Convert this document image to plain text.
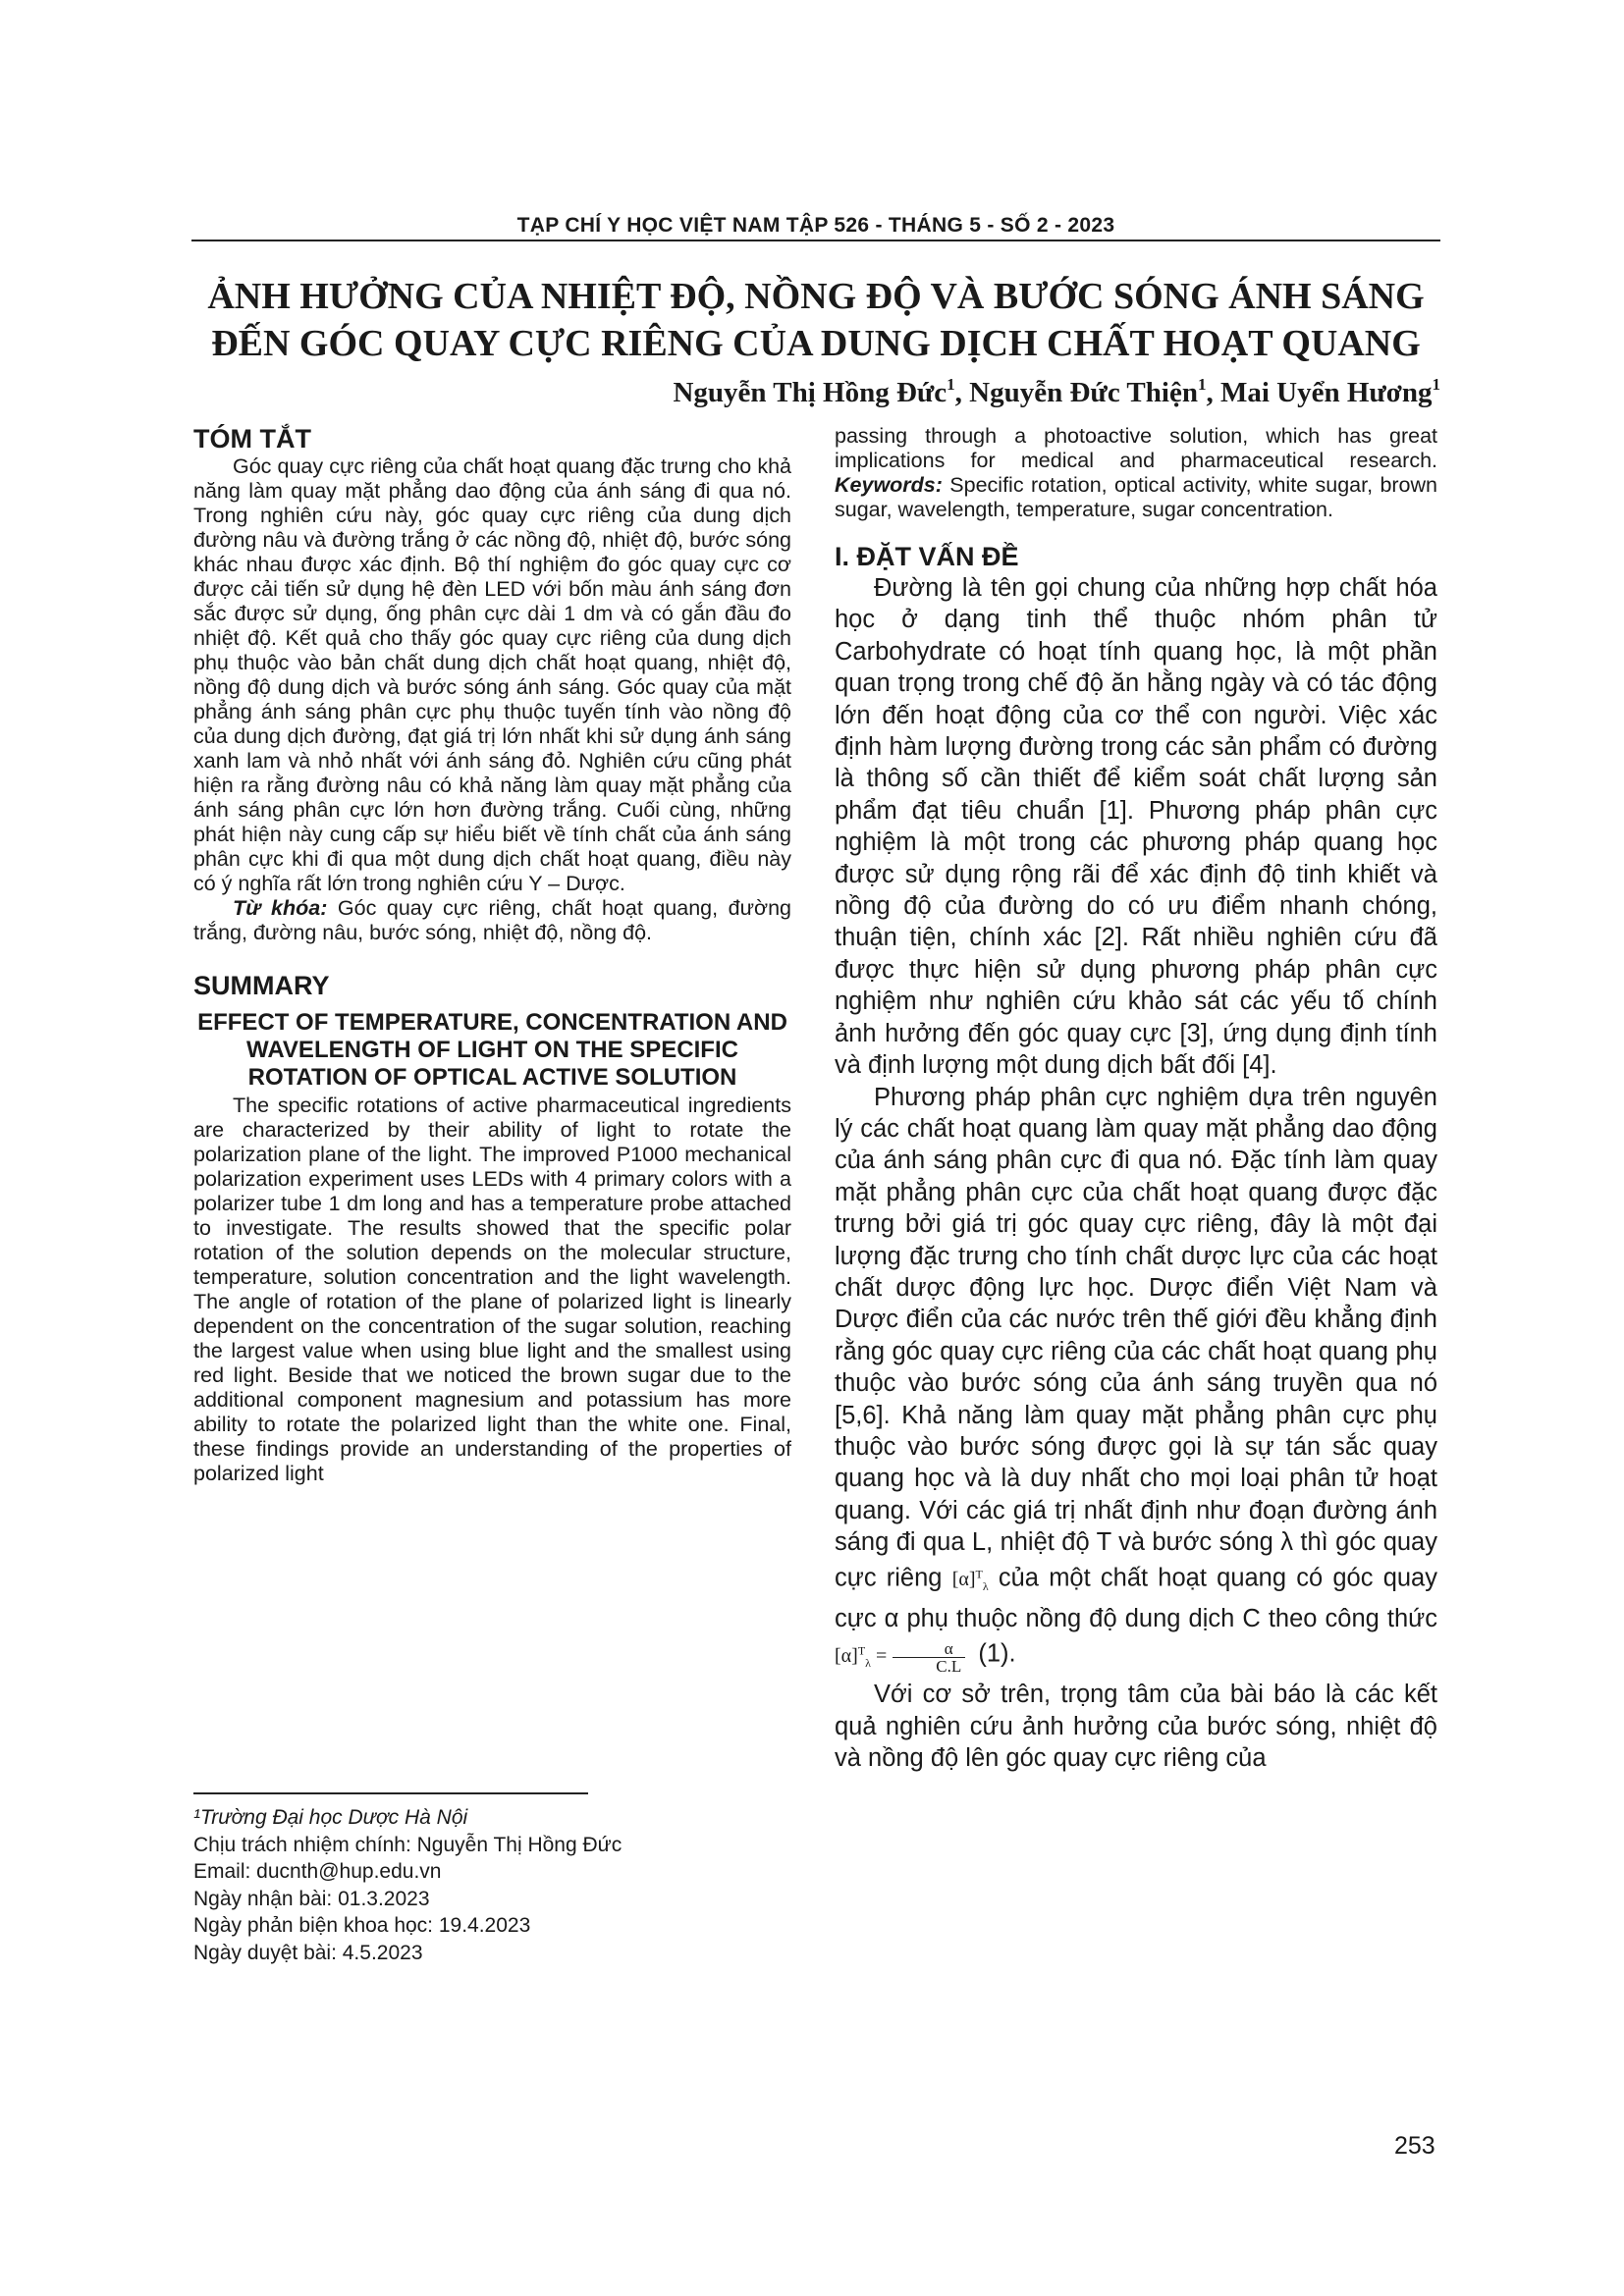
TẠP CHÍ Y HỌC VIỆT NAM TẬP 526 - THÁNG 5 - SỐ 2 - 2023
ẢNH HƯỞNG CỦA NHIỆT ĐỘ, NỒNG ĐỘ VÀ BƯỚC SÓNG ÁNH SÁNG
ĐẾN GÓC QUAY CỰC RIÊNG CỦA DUNG DỊCH CHẤT HOẠT QUANG
Nguyễn Thị Hồng Đức$^1$, Nguyễn Đức Thiện$^1$, Mai Uyển Hương$^1$
TÓM TẮT

Góc quay cực riêng của chất hoạt quang đặc trưng cho khả năng làm quay mặt phẳng dao động của ánh sáng đi qua nó. Trong nghiên cứu này, góc quay cực riêng của dung dịch đường nâu và đường trắng ở các nồng độ, nhiệt độ, bước sóng khác nhau được xác định. Bộ thí nghiệm đo góc quay cực cơ được cải tiến sử dụng hệ đèn LED với bốn màu ánh sáng đơn sắc được sử dụng, ống phân cực dài 1 dm và có gắn đầu đo nhiệt độ. Kết quả cho thấy góc quay cực riêng của dung dịch phụ thuộc vào bản chất dung dịch chất hoạt quang, nhiệt độ, nồng độ dung dịch và bước sóng ánh sáng. Góc quay của mặt phẳng ánh sáng phân cực phụ thuộc tuyến tính vào nồng độ của dung dịch đường, đạt giá trị lớn nhất khi sử dụng ánh sáng xanh lam và nhỏ nhất với ánh sáng đỏ. Nghiên cứu cũng phát hiện ra rằng đường nâu có khả năng làm quay mặt phẳng của ánh sáng phân cực lớn hơn đường trắng. Cuối cùng, những phát hiện này cung cấp sự hiểu biết về tính chất của ánh sáng phân cực khi đi qua một dung dịch chất hoạt quang, điều này có ý nghĩa rất lớn trong nghiên cứu Y – Dược.

Từ khóa: Góc quay cực riêng, chất hoạt quang, đường trắng, đường nâu, bước sóng, nhiệt độ, nồng độ.

SUMMARY
EFFECT OF TEMPERATURE, CONCENTRATION AND WAVELENGTH OF LIGHT ON THE SPECIFIC ROTATION OF OPTICAL ACTIVE SOLUTION

The specific rotations of active pharmaceutical ingredients are characterized by their ability of light to rotate the polarization plane of the light. The improved P1000 mechanical polarization experiment uses LEDs with 4 primary colors with a polarizer tube 1 dm long and has a temperature probe attached to investigate. The results showed that the specific polar rotation of the solution depends on the molecular structure, temperature, solution concentration and the light wavelength. The angle of rotation of the plane of polarized light is linearly dependent on the concentration of the sugar solution, reaching the largest value when using blue light and the smallest using red light. Beside that we noticed the brown sugar due to the additional component magnesium and potassium has more ability to rotate the polarized light than the white one. Final, these findings provide an understanding of the properties of polarized light

¹Trường Đại học Dược Hà Nội
Chịu trách nhiệm chính: Nguyễn Thị Hồng Đức
Email: ducnth@hup.edu.vn
Ngày nhận bài: 01.3.2023
Ngày phản biện khoa học: 19.4.2023
Ngày duyệt bài: 4.5.2023

passing through a photoactive solution, which has great implications for medical and pharmaceutical research. Keywords: Specific rotation, optical activity, white sugar, brown sugar, wavelength, temperature, sugar concentration.

I. ĐẶT VẤN ĐỀ

Đường là tên gọi chung của những hợp chất hóa học ở dạng tinh thể thuộc nhóm phân tử Carbohydrate có hoạt tính quang học, là một phần quan trọng trong chế độ ăn hằng ngày và có tác động lớn đến hoạt động của cơ thể con người. Việc xác định hàm lượng đường trong các sản phẩm có đường là thông số cần thiết để kiểm soát chất lượng sản phẩm đạt tiêu chuẩn [1]. Phương pháp phân cực nghiệm là một trong các phương pháp quang học được sử dụng rộng rãi để xác định độ tinh khiết và nồng độ của đường do có ưu điểm nhanh chóng, thuận tiện, chính xác [2]. Rất nhiều nghiên cứu đã được thực hiện sử dụng phương pháp phân cực nghiệm như nghiên cứu khảo sát các yếu tố chính ảnh hưởng đến góc quay cực [3], ứng dụng định tính và định lượng một dung dịch bất đối [4].

Phương pháp phân cực nghiệm dựa trên nguyên lý các chất hoạt quang làm quay mặt phẳng dao động của ánh sáng phân cực đi qua nó. Đặc tính làm quay mặt phẳng phân cực của chất hoạt quang được đặc trưng bởi giá trị góc quay cực riêng, đây là một đại lượng đặc trưng cho tính chất dược lực của các hoạt chất dược động lực học. Dược điển Việt Nam và Dược điển của các nước trên thế giới đều khẳng định rằng góc quay cực riêng của các chất hoạt quang phụ thuộc vào bước sóng của ánh sáng truyền qua nó [5,6]. Khả năng làm quay mặt phẳng phân cực phụ thuộc vào bước sóng được gọi là sự tán sắc quay quang học và là duy nhất cho mọi loại phân tử hoạt quang. Với các giá trị nhất định như đoạn đường ánh sáng đi qua L, nhiệt độ T và bước sóng λ thì góc quay cực riêng $[\alpha]^T_\lambda$ của một chất hoạt quang có góc quay cực α phụ thuộc nồng độ dung dịch C theo công thức $[\alpha]^T_\lambda = \frac{\alpha}{C.L} (1)$.

Với cơ sở trên, trọng tâm của bài báo là các kết quả nghiên cứu ảnh hưởng của bước sóng, nhiệt độ và nồng độ lên góc quay cực riêng của

253
